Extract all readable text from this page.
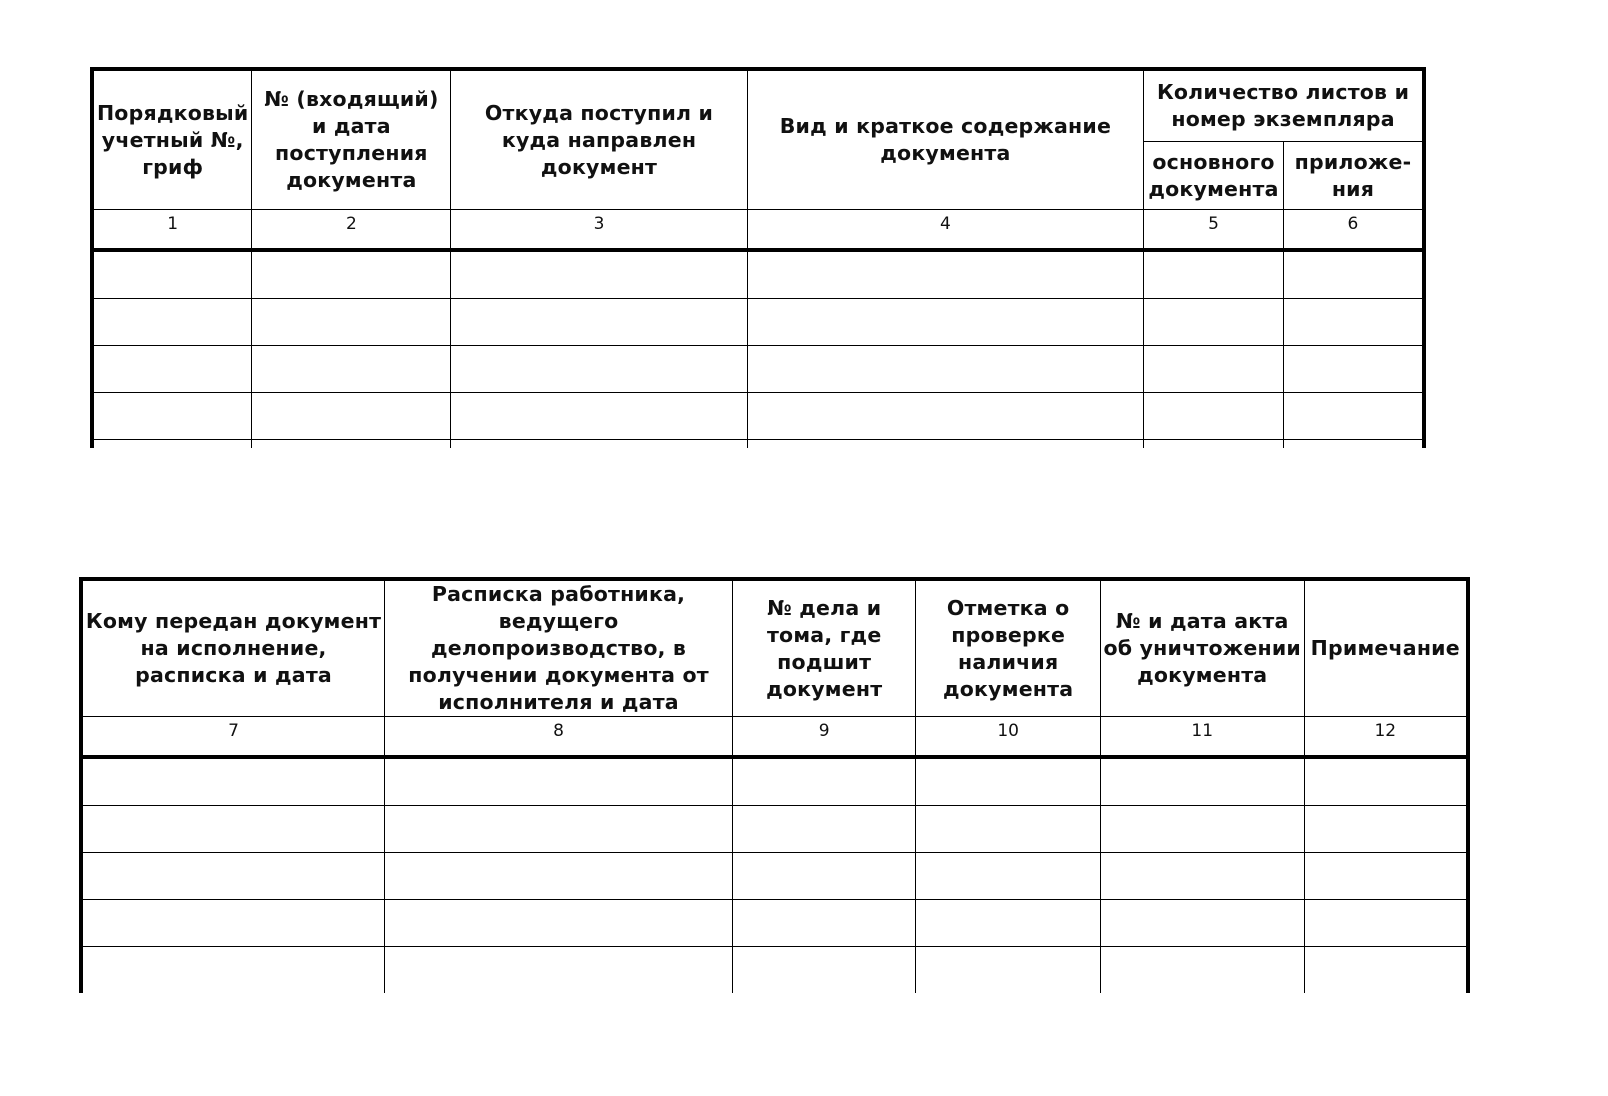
Порядковый учетный №, гриф	№ (входящий) и дата поступления документа	Откуда поступил и куда направлен документ	Вид и краткое содержание документа	Количество листов и номер экземпляра	
				основного документа	приложе-ния
1	2	3	4	5	6

Кому передан документ на исполнение, расписка и дата	Расписка работника, ведущего делопроизводство, в получении документа от исполнителя и дата	№ дела и тома, где подшит документ	Отметка о проверке наличия документа	№ и дата акта об уничтожении документа	Примечание
7	8	9	10	11	12
